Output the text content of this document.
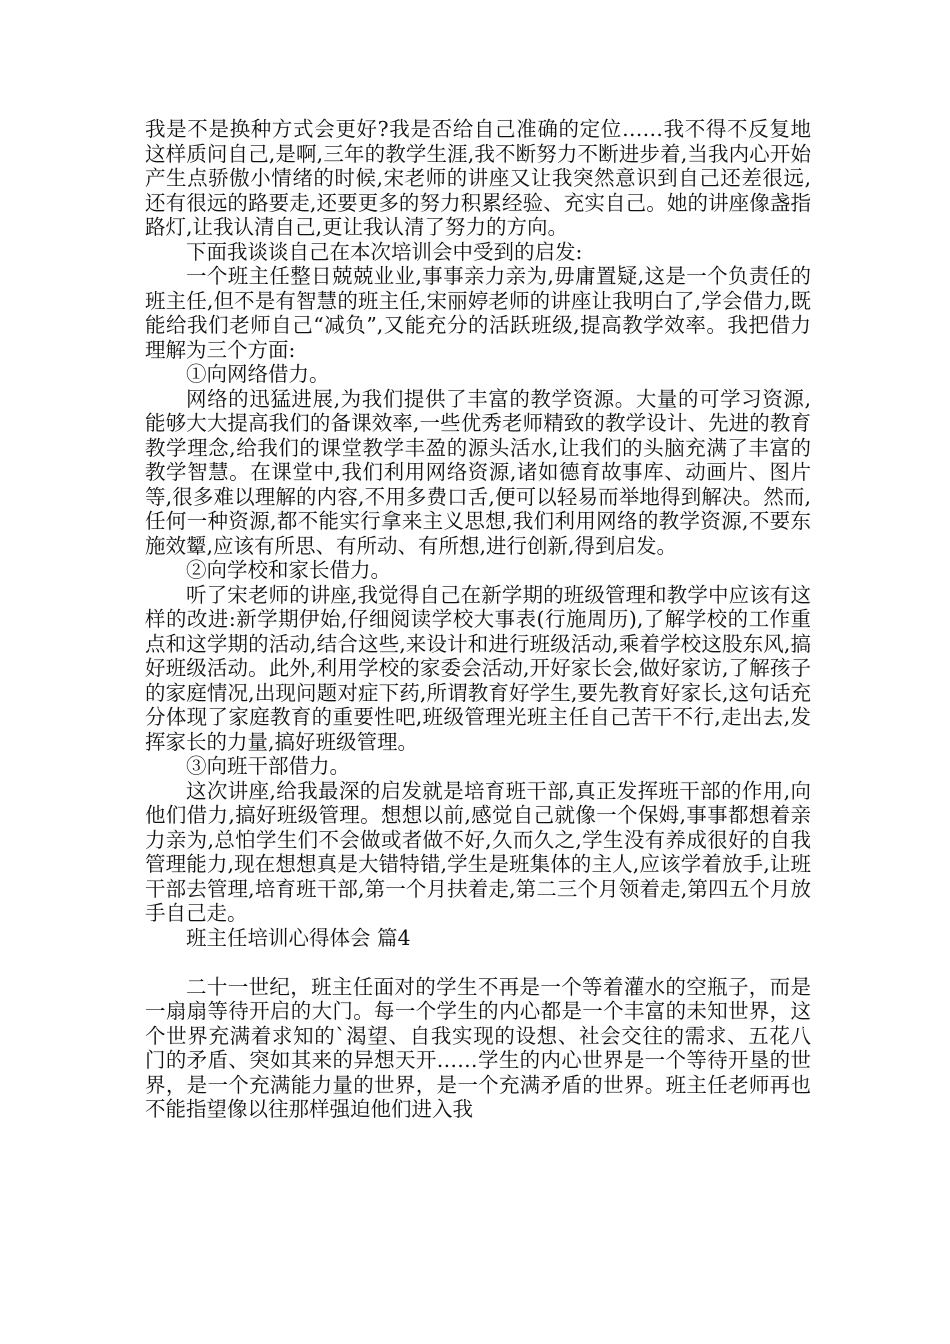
我是不是换种方式会更好?我是否给自己准确的定位……我不得不反复地这样质问自己,是啊,三年的教学生涯,我不断努力不断进步着,当我内心开始产生点骄傲小情绪的时候,宋老师的讲座又让我突然意识到自己还差很远,还有很远的路要走,还要更多的努力积累经验、充实自己。她的讲座像盏指路灯,让我认清自己,更让我认清了努力的方向。

下面我谈谈自己在本次培训会中受到的启发:

一个班主任整日兢兢业业,事事亲力亲为,毋庸置疑,这是一个负责任的班主任,但不是有智慧的班主任,宋丽婷老师的讲座让我明白了,学会借力,既能给我们老师自己“减负”,又能充分的活跃班级,提高教学效率。我把借力理解为三个方面:

①向网络借力。

网络的迅猛进展,为我们提供了丰富的教学资源。大量的可学习资源,能够大大提高我们的备课效率,一些优秀老师精致的教学设计、先进的教育教学理念,给我们的课堂教学丰盈的源头活水,让我们的头脑充满了丰富的教学智慧。在课堂中,我们利用网络资源,诸如德育故事库、动画片、图片等,很多难以理解的内容,不用多费口舌,便可以轻易而举地得到解决。然而,任何一种资源,都不能实行拿来主义思想,我们利用网络的教学资源,不要东施效颦,应该有所思、有所动、有所想,进行创新,得到启发。

②向学校和家长借力。

听了宋老师的讲座,我觉得自己在新学期的班级管理和教学中应该有这样的改进:新学期伊始,仔细阅读学校大事表(行施周历),了解学校的工作重点和这学期的活动,结合这些,来设计和进行班级活动,乘着学校这股东风,搞好班级活动。此外,利用学校的家委会活动,开好家长会,做好家访,了解孩子的家庭情况,出现问题对症下药,所谓教育好学生,要先教育好家长,这句话充分体现了家庭教育的重要性吧,班级管理光班主任自己苦干不行,走出去,发挥家长的力量,搞好班级管理。

③向班干部借力。

这次讲座,给我最深的启发就是培育班干部,真正发挥班干部的作用,向他们借力,搞好班级管理。想想以前,感觉自己就像一个保姆,事事都想着亲力亲为,总怕学生们不会做或者做不好,久而久之,学生没有养成很好的自我管理能力,现在想想真是大错特错,学生是班集体的主人,应该学着放手,让班干部去管理,培育班干部,第一个月扶着走,第二三个月领着走,第四五个月放手自己走。

班主任培训心得体会 篇4

二十一世纪，班主任面对的学生不再是一个等着灌水的空瓶子，而是一扇扇等待开启的大门。每一个学生的内心都是一个丰富的未知世界，这个世界充满着求知的`渴望、自我实现的设想、社会交往的需求、五花八门的矛盾、突如其来的异想天开……学生的内心世界是一个等待开垦的世界，是一个充满能力量的世界，是一个充满矛盾的世界。班主任老师再也不能指望像以往那样强迫他们进入我
